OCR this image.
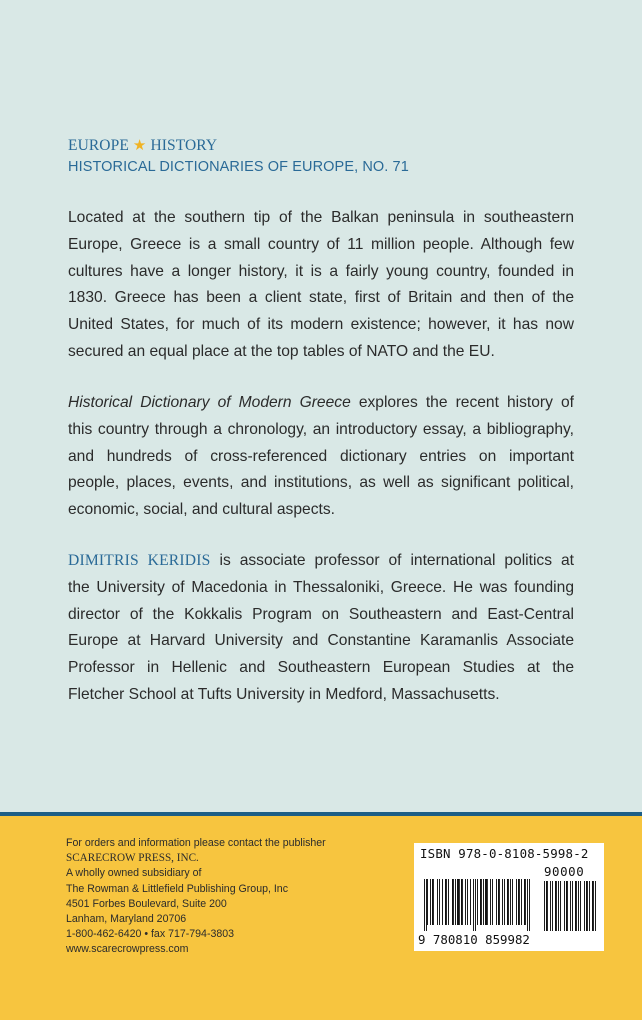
EUROPE ★ HISTORY
HISTORICAL DICTIONARIES OF EUROPE, NO. 71
Located at the southern tip of the Balkan peninsula in southeastern
Europe, Greece is a small country of 11 million people. Although few
cultures have a longer history, it is a fairly young country, founded in
1830. Greece has been a client state, first of Britain and then of the
United States, for much of its modern existence; however, it has now
secured an equal place at the top tables of NATO and the EU.
Historical Dictionary of Modern Greece explores the recent history of
this country through a chronology, an introductory essay, a bibliography,
and hundreds of cross-referenced dictionary entries on important
people, places, events, and institutions, as well as significant political,
economic, social, and cultural aspects.
DIMITRIS KERIDIS is associate professor of international politics at
the University of Macedonia in Thessaloniki, Greece. He was founding
director of the Kokkalis Program on Southeastern and East-Central
Europe at Harvard University and Constantine Karamanlis Associate
Professor in Hellenic and Southeastern European Studies at the
Fletcher School at Tufts University in Medford, Massachusetts.
For orders and information please contact the publisher
SCARECROW PRESS, INC.
A wholly owned subsidiary of
The Rowman & Littlefield Publishing Group, Inc
4501 Forbes Boulevard, Suite 200
Lanham, Maryland 20706
1-800-462-6420 • fax 717-794-3803
www.scarecrowpress.com
ISBN 978-0-8108-5998-2
90000
9 780810 859982
